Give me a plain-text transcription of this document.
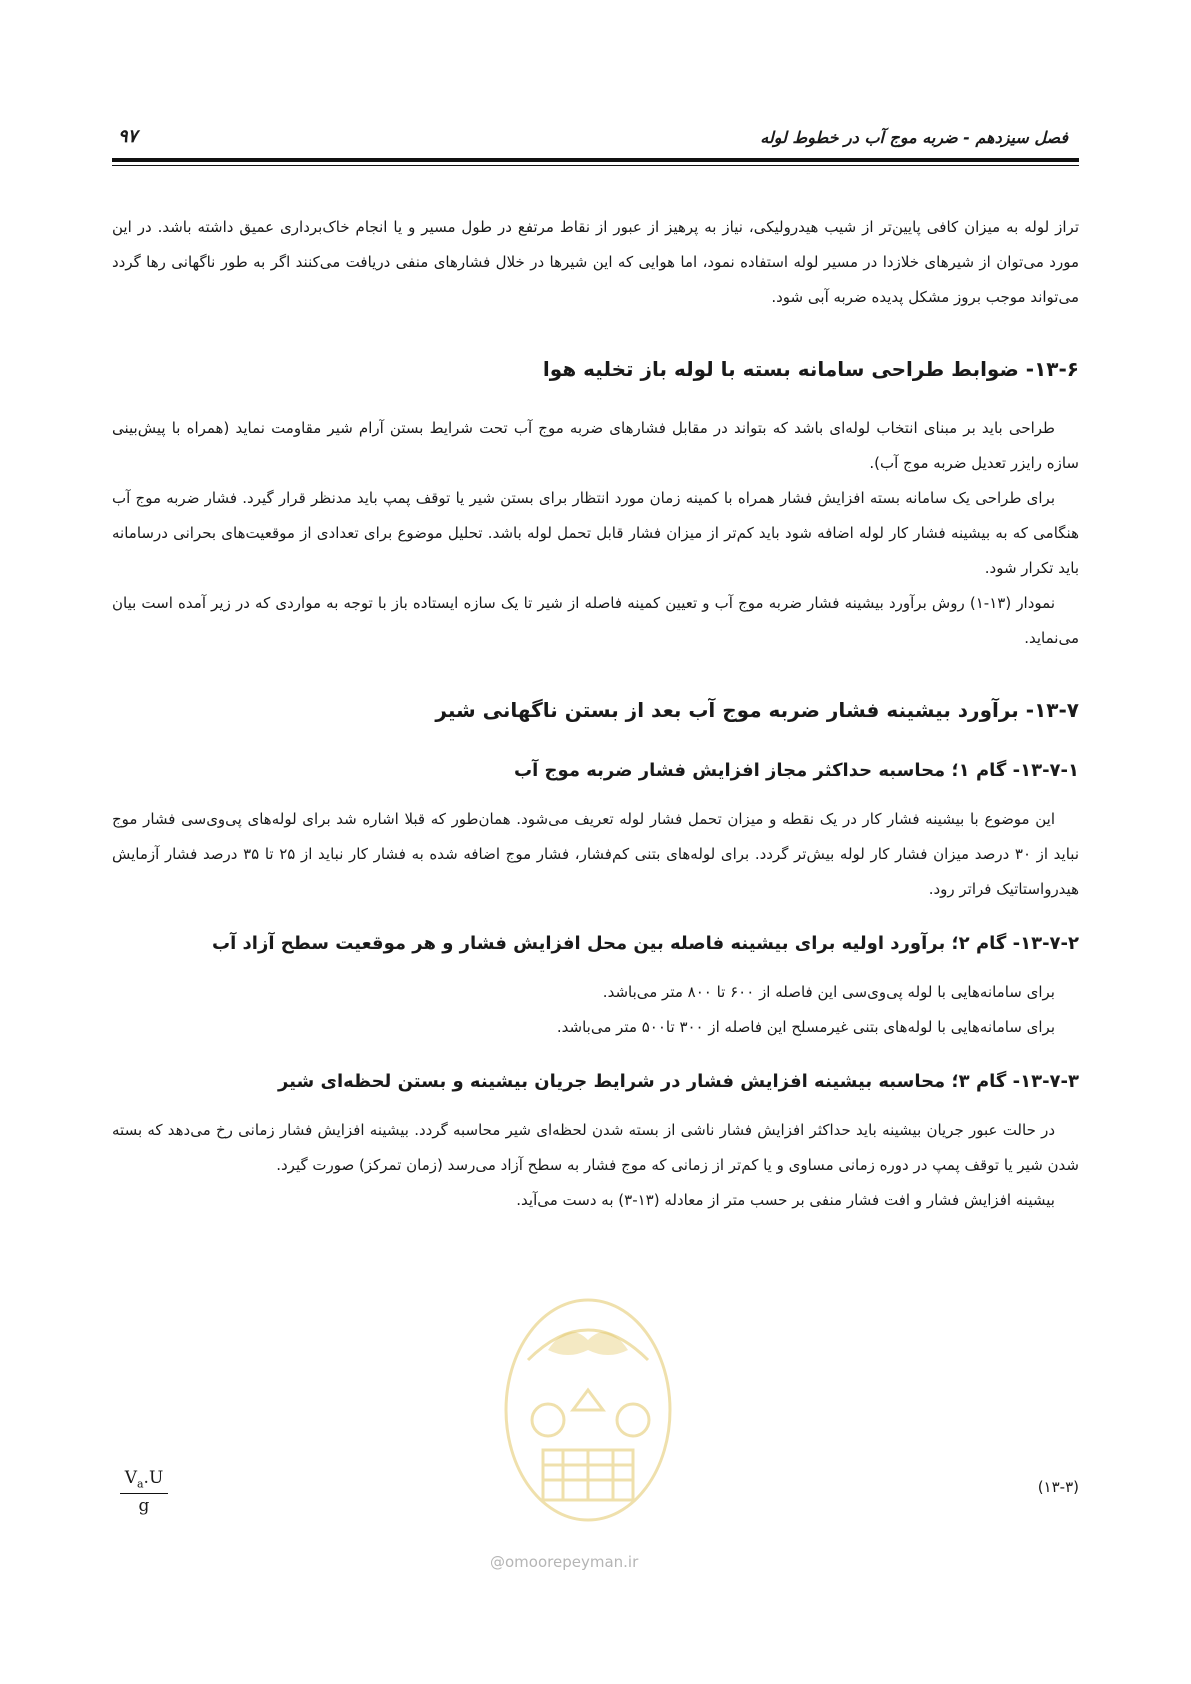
فصل سیزدهم - ضربه موج آب در خطوط لوله
۹۷

تراز لوله به میزان کافی پایین‌تر از شیب هیدرولیکی، نیاز به پرهیز از عبور از نقاط مرتفع در طول مسیر و یا انجام خاک‌برداری عمیق داشته باشد. در این مورد می‌توان از شیرهای خلازدا در مسیر لوله استفاده نمود، اما هوایی که این شیرها در خلال فشارهای منفی دریافت می‌کنند اگر به طور ناگهانی رها گردد می‌تواند موجب بروز مشکل پدیده ضربه آبی شود.

۱۳-۶- ضوابط طراحی سامانه بسته با لوله باز تخلیه هوا

طراحی باید بر مبنای انتخاب لوله‌ای باشد که بتواند در مقابل فشارهای ضربه موج آب تحت شرایط بستن آرام شیر مقاومت نماید (همراه با پیش‌بینی سازه رایزر تعدیل ضربه موج آب).

برای طراحی یک سامانه بسته افزایش فشار همراه با کمینه زمان مورد انتظار برای بستن شیر یا توقف پمپ باید مدنظر قرار گیرد. فشار ضربه موج آب هنگامی که به بیشینه فشار کار لوله اضافه شود باید کم‌تر از میزان فشار قابل تحمل لوله باشد. تحلیل موضوع برای تعدادی از موقعیت‌های بحرانی درسامانه باید تکرار شود.

نمودار (۱۳-۱) روش برآورد بیشینه فشار ضربه موج آب و تعیین کمینه فاصله از شیر تا یک سازه ایستاده باز با توجه به مواردی که در زیر آمده است بیان می‌نماید.

۱۳-۷- برآورد بیشینه فشار ضربه موج آب بعد از بستن ناگهانی شیر
۱۳-۷-۱- گام ۱؛ محاسبه حداکثر مجاز افزایش فشار ضربه موج آب

این موضوع با بیشینه فشار کار در یک نقطه و میزان تحمل فشار لوله تعریف می‌شود. همان‌طور که قبلا اشاره شد برای لوله‌های پی‌وی‌سی فشار موج نباید از ۳۰ درصد میزان فشار کار لوله بیش‌تر گردد. برای لوله‌های بتنی کم‌فشار، فشار موج اضافه شده به فشار کار نباید از ۲۵ تا ۳۵ درصد فشار آزمایش هیدرواستاتیک فراتر رود.

۱۳-۷-۲- گام ۲؛ برآورد اولیه برای بیشینه فاصله بین محل افزایش فشار و هر موقعیت سطح آزاد آب

برای سامانه‌هایی با لوله پی‌وی‌سی این فاصله از ۶۰۰ تا ۸۰۰ متر می‌باشد.

برای سامانه‌هایی با لوله‌های بتنی غیرمسلح این فاصله از ۳۰۰ تا۵۰۰ متر می‌باشد.

۱۳-۷-۳- گام ۳؛ محاسبه بیشینه افزایش فشار در شرایط جریان بیشینه و بستن لحظه‌ای شیر

در حالت عبور جریان بیشینه باید حداکثر افزایش فشار ناشی از بسته شدن لحظه‌ای شیر محاسبه گردد. بیشینه افزایش فشار زمانی رخ می‌دهد که بسته شدن شیر یا توقف پمپ در دوره زمانی مساوی و یا کم‌تر از زمانی که موج فشار به سطح آزاد می‌رسد (زمان تمرکز) صورت گیرد.

بیشینه افزایش فشار و افت فشار منفی بر حسب متر از معادله (۱۳-۳) به دست می‌آید.

(۱۳-۳)
$\frac{V_a.U}{g}$
@omoorepeyman.ir
